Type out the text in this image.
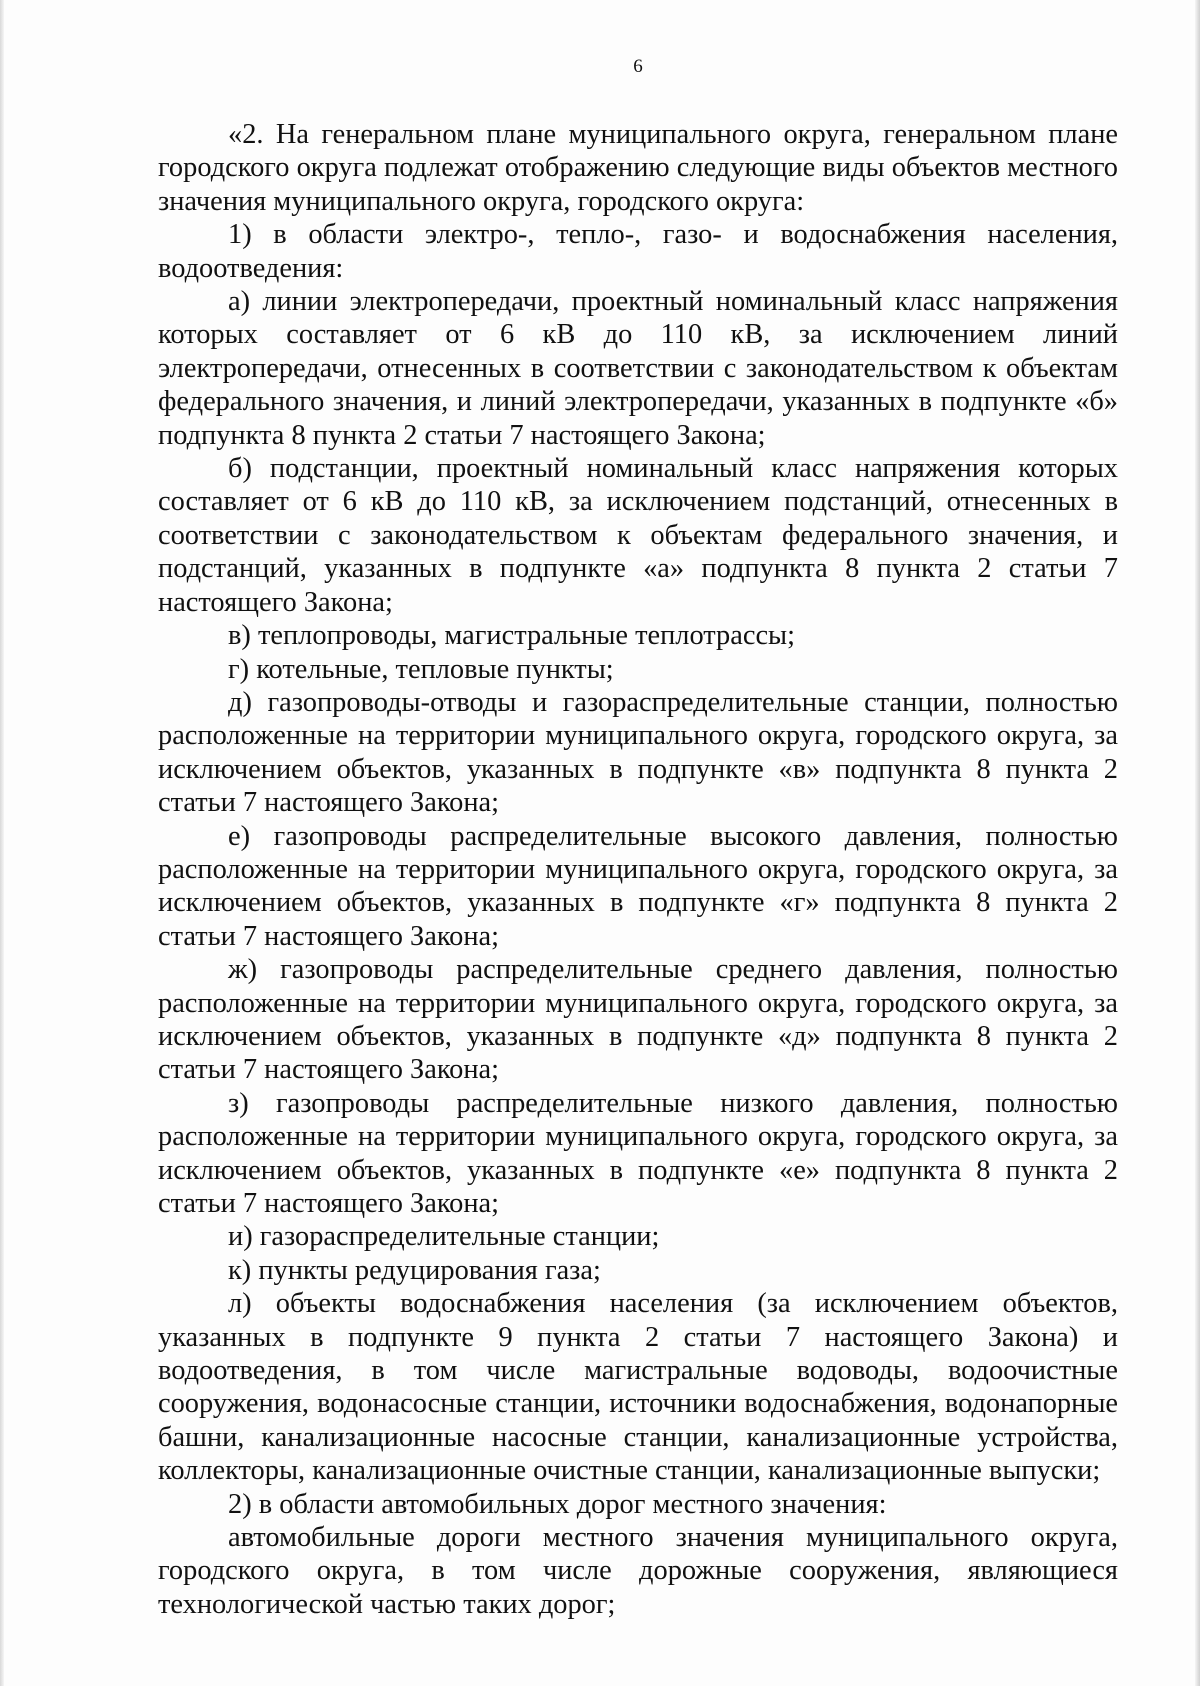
6

«2. На генеральном плане муниципального округа, генеральном плане городского округа подлежат отображению следующие виды объектов местного значения муниципального округа, городского округа:

1) в области электро-, тепло-, газо- и водоснабжения населения, водоотведения:

а) линии электропередачи, проектный номинальный класс напряжения которых составляет от 6 кВ до 110 кВ, за исключением линий электропередачи, отнесенных в соответствии с законодательством к объектам федерального значения, и линий электропередачи, указанных в подпункте «б» подпункта 8 пункта 2 статьи 7 настоящего Закона;

б) подстанции, проектный номинальный класс напряжения которых составляет от 6 кВ до 110 кВ, за исключением подстанций, отнесенных в соответствии с законодательством к объектам федерального значения, и подстанций, указанных в подпункте «а» подпункта 8 пункта 2 статьи 7 настоящего Закона;

в) теплопроводы, магистральные теплотрассы;

г) котельные, тепловые пункты;

д) газопроводы-отводы и газораспределительные станции, полностью расположенные на территории муниципального округа, городского округа, за исключением объектов, указанных в подпункте «в» подпункта 8 пункта 2 статьи 7 настоящего Закона;

е) газопроводы распределительные высокого давления, полностью расположенные на территории муниципального округа, городского округа, за исключением объектов, указанных в подпункте «г» подпункта 8 пункта 2 статьи 7 настоящего Закона;

ж) газопроводы распределительные среднего давления, полностью расположенные на территории муниципального округа, городского округа, за исключением объектов, указанных в подпункте «д» подпункта 8 пункта 2 статьи 7 настоящего Закона;

з) газопроводы распределительные низкого давления, полностью расположенные на территории муниципального округа, городского округа, за исключением объектов, указанных в подпункте «е» подпункта 8 пункта 2 статьи 7 настоящего Закона;

и) газораспределительные станции;

к) пункты редуцирования газа;

л) объекты водоснабжения населения (за исключением объектов, указанных в подпункте 9 пункта 2 статьи 7 настоящего Закона) и водоотведения, в том числе магистральные водоводы, водоочистные сооружения, водонасосные станции, источники водоснабжения, водонапорные башни, канализационные насосные станции, канализационные устройства, коллекторы, канализационные очистные станции, канализационные выпуски;

2) в области автомобильных дорог местного значения:

автомобильные дороги местного значения муниципального округа, городского округа, в том числе дорожные сооружения, являющиеся технологической частью таких дорог;
